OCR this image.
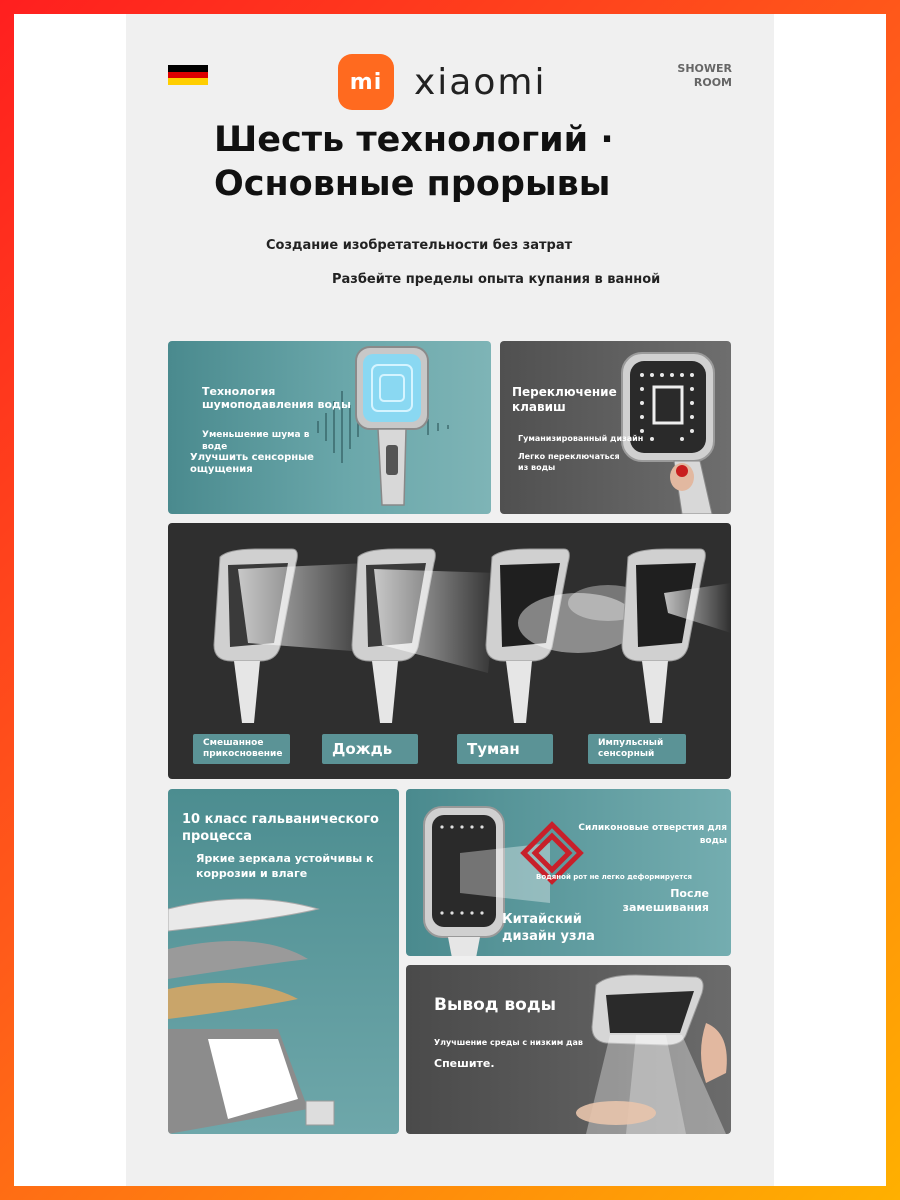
mi xiaomi	SHOWER
ROOM
Шесть технологий ·
Основные прорывы
Создание изобретательности без затрат
Разбейте пределы опыта купания в ванной
Технология
шумоподавления воды
Уменьшение шума в
воде
Улучшить сенсорные
ощущения
Переключение
клавиш
Гуманизированный дизайн
Легко переключаться
из воды
Смешанное
прикосновение	Дождь	Туман	Импульсный
сенсорный
10 класс гальванического
процесса
Яркие зеркала устойчивы к
коррозии и влаге
Силиконовые отверстия для
воды
Водяной рот не легко деформируется
После
замешивания
Китайский
дизайн узла
Вывод воды
Улучшение среды с низким дав
Спешите.
